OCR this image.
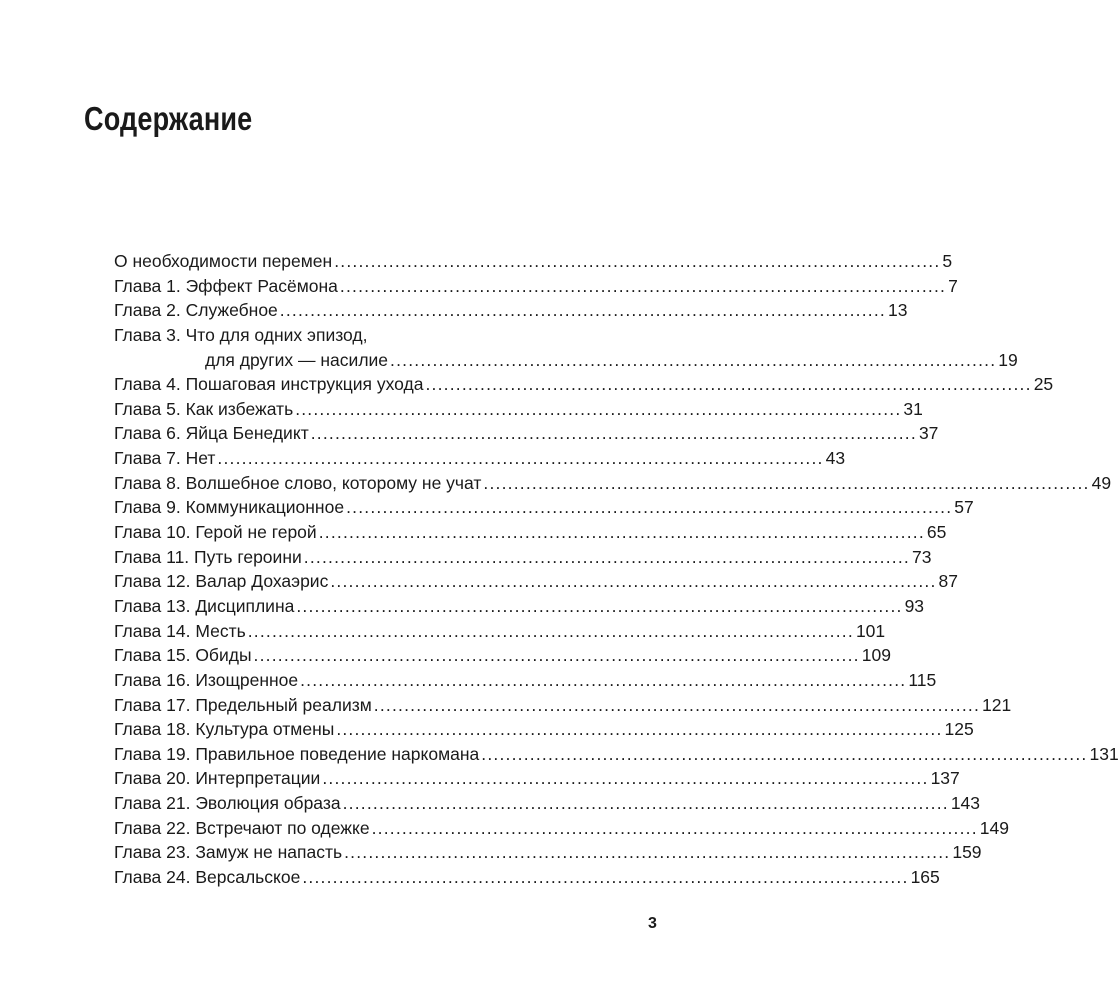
Содержание
О необходимости перемен .................................................................................................... 5
Глава 1. Эффект Расёмона .................................................................................................... 7
Глава 2. Служебное .................................................................................................... 13
Глава 3. Что для одних эпизод,
для других — насилие .................................................................................................... 19
Глава 4. Пошаговая инструкция ухода .................................................................................................... 25
Глава 5. Как избежать .................................................................................................... 31
Глава 6. Яйца Бенедикт .................................................................................................... 37
Глава 7. Нет .................................................................................................... 43
Глава 8. Волшебное слово, которому не учат .................................................................................................... 49
Глава 9. Коммуникационное .................................................................................................... 57
Глава 10. Герой не герой .................................................................................................... 65
Глава 11. Путь героини .................................................................................................... 73
Глава 12. Валар Дохаэрис .................................................................................................... 87
Глава 13. Дисциплина .................................................................................................... 93
Глава 14. Месть .................................................................................................... 101
Глава 15. Обиды .................................................................................................... 109
Глава 16. Изощренное .................................................................................................... 115
Глава 17. Предельный реализм .................................................................................................... 121
Глава 18. Культура отмены .................................................................................................... 125
Глава 19. Правильное поведение наркомана .................................................................................................... 131
Глава 20. Интерпретации .................................................................................................... 137
Глава 21. Эволюция образа .................................................................................................... 143
Глава 22. Встречают по одежке .................................................................................................... 149
Глава 23. Замуж не напасть .................................................................................................... 159
Глава 24. Версальское .................................................................................................... 165

3
